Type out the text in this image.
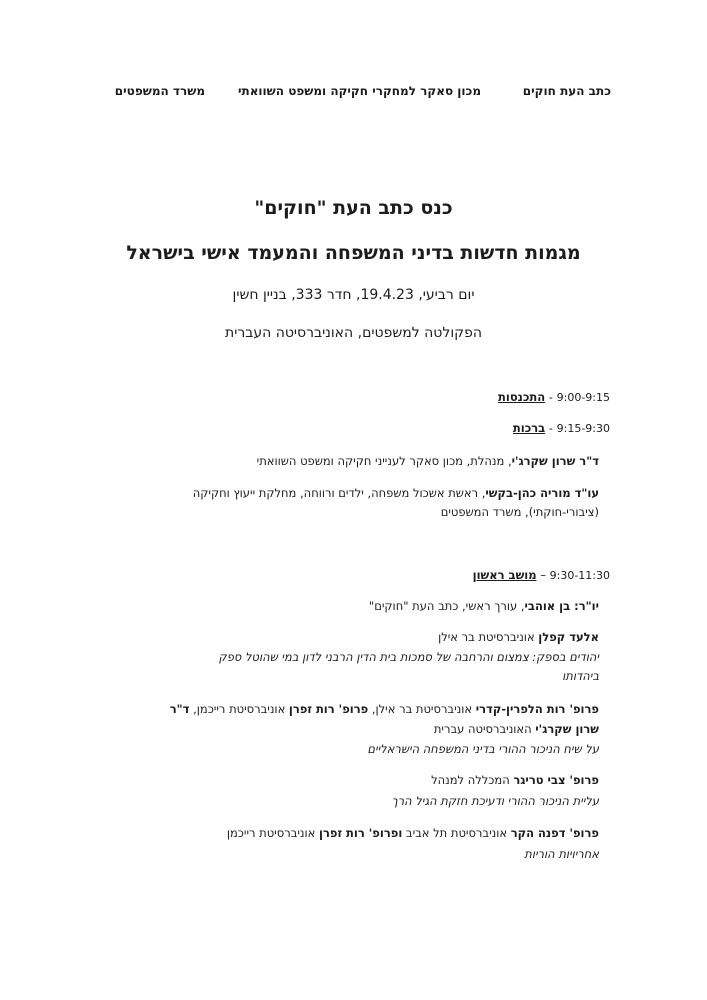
כתב העת חוקים
מכון סאקר למחקרי חקיקה ומשפט השוואתי
משרד המשפטים
כנס כתב העת "חוקים"
מגמות חדשות בדיני המשפחה והמעמד אישי בישראל
יום רביעי, 19.4.23, חדר 333, בניין חשין
הפקולטה למשפטים, האוניברסיטה העברית
9:00-9:15 - התכנסות
9:15-9:30 - ברכות
ד"ר שרון שקרג'י, מנהלת, מכון סאקר לענייני חקיקה ומשפט השוואתי
עו"ד מוריה כהן-בקשי, ראשת אשכול משפחה, ילדים ורווחה, מחלקת ייעוץ וחקיקה
(ציבורי-חוקתי), משרד המשפטים
9:30-11:30 – מושב ראשון
יו"ר: בן אוהבי, עורך ראשי, כתב העת "חוקים"
אלעד קפלן אוניברסיטת בר אילן
יהודים בספק: צמצום והרחבה של סמכות בית הדין הרבני לדון במי שהוטל ספק
ביהדותו
פרופ' רות הלפרין-קדרי אוניברסיטת בר אילן, פרופ' רות זפרן אוניברסיטת רייכמן, ד"ר
שרון שקרג'י האוניברסיטה עברית
על שיח הניכור ההורי בדיני המשפחה הישראליים
פרופ' צבי טריגר המכללה למנהל
עליית הניכור ההורי ודעיכת חזקת הגיל הרך
פרופ' דפנה הקר אוניברסיטת תל אביב ופרופ' רות זפרן אוניברסיטת רייכמן
אחריויות הוריות
